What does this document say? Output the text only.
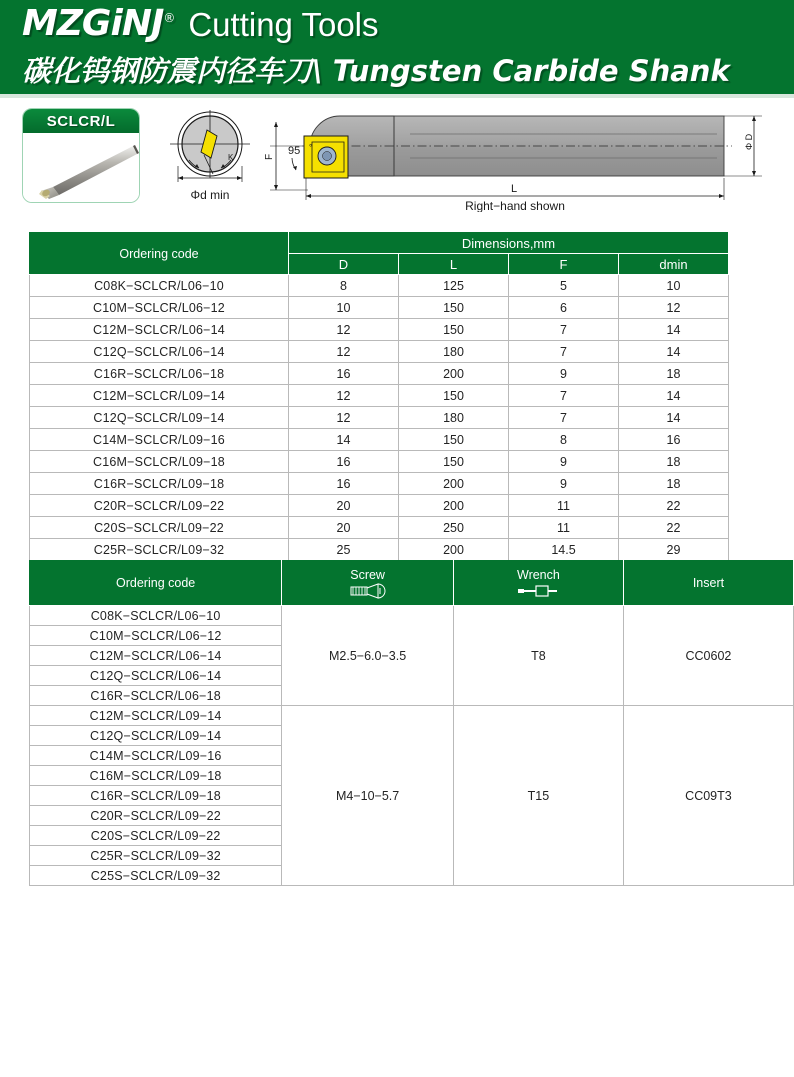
MZGiNJ® Cutting Tools
碳化钨钢防震内径车刀\ Tungsten Carbide Shank
SCLCR/L
K
Φd min
F 95 °	Φ D
L
Right−hand shown
Ordering code	Dimensions,mm			
	D	L	F	dmin
C08K−SCLCR/L06−10	8	125	5	10
C10M−SCLCR/L06−12	10	150	6	12
C12M−SCLCR/L06−14	12	150	7	14
C12Q−SCLCR/L06−14	12	180	7	14
C16R−SCLCR/L06−18	16	200	9	18
C12M−SCLCR/L09−14	12	150	7	14
C12Q−SCLCR/L09−14	12	180	7	14
C14M−SCLCR/L09−16	14	150	8	16
C16M−SCLCR/L09−18	16	150	9	18
C16R−SCLCR/L09−18	16	200	9	18
C20R−SCLCR/L09−22	20	200	11	22
C20S−SCLCR/L09−22	20	250	11	22
C25R−SCLCR/L09−32	25	200	14.5	29

Ordering code	Screw	Wrench	Insert
C08K−SCLCR/L06−10	M2.5−6.0−3.5	T8	CC0602
C10M−SCLCR/L06−12			
C12M−SCLCR/L06−14			
C12Q−SCLCR/L06−14			
C16R−SCLCR/L06−18			
C12M−SCLCR/L09−14	M4−10−5.7	T15	CC09T3
C12Q−SCLCR/L09−14			
C14M−SCLCR/L09−16			
C16M−SCLCR/L09−18			
C16R−SCLCR/L09−18			
C20R−SCLCR/L09−22			
C20S−SCLCR/L09−22			
C25R−SCLCR/L09−32			
C25S−SCLCR/L09−32			
